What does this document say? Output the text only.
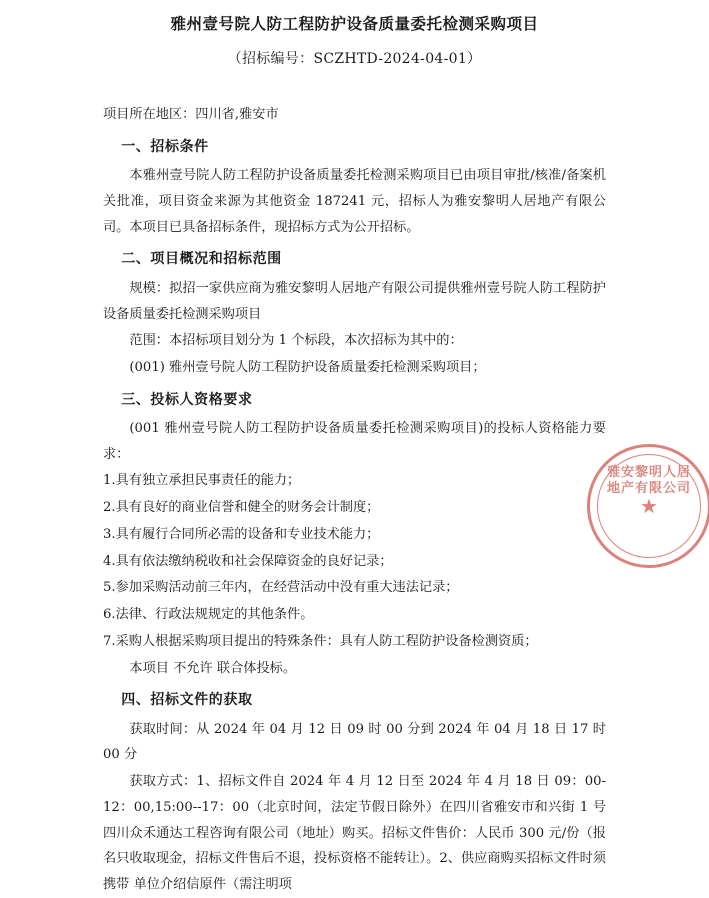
雅州壹号院人防工程防护设备质量委托检测采购项目
（招标编号：SCZHTD-2024-04-01）
项目所在地区：四川省,雅安市
一、招标条件
本雅州壹号院人防工程防护设备质量委托检测采购项目已由项目审批/核准/备案机关批准，项目资金来源为其他资金 187241 元，招标人为雅安黎明人居地产有限公司。本项目已具备招标条件，现招标方式为公开招标。
二、项目概况和招标范围
规模：拟招一家供应商为雅安黎明人居地产有限公司提供雅州壹号院人防工程防护设备质量委托检测采购项目
范围：本招标项目划分为 1 个标段，本次招标为其中的：
(001) 雅州壹号院人防工程防护设备质量委托检测采购项目；
三、投标人资格要求
(001 雅州壹号院人防工程防护设备质量委托检测采购项目)的投标人资格能力要求：
1.具有独立承担民事责任的能力；
2.具有良好的商业信誉和健全的财务会计制度；
3.具有履行合同所必需的设备和专业技术能力；
4.具有依法缴纳税收和社会保障资金的良好记录；
5.参加采购活动前三年内，在经营活动中没有重大违法记录；
6.法律、行政法规规定的其他条件。
7.采购人根据采购项目提出的特殊条件：具有人防工程防护设备检测资质；
本项目 不允许 联合体投标。
四、招标文件的获取
获取时间：从 2024 年 04 月 12 日 09 时 00 分到 2024 年 04 月 18 日 17 时 00 分
获取方式：1、招标文件自 2024 年 4 月 12 日至 2024 年 4 月 18 日 09：00- 12：00,15:00--17：00（北京时间，法定节假日除外）在四川省雅安市和兴街 1 号四川众禾通达工程咨询有限公司（地址）购买。招标文件售价：人民币 300 元/份（报名只收取现金，招标文件售后不退，投标资格不能转让）。2、供应商购买招标文件时须携带 单位介绍信原件（需注明项
雅安黎明人居地产有限公司
★
